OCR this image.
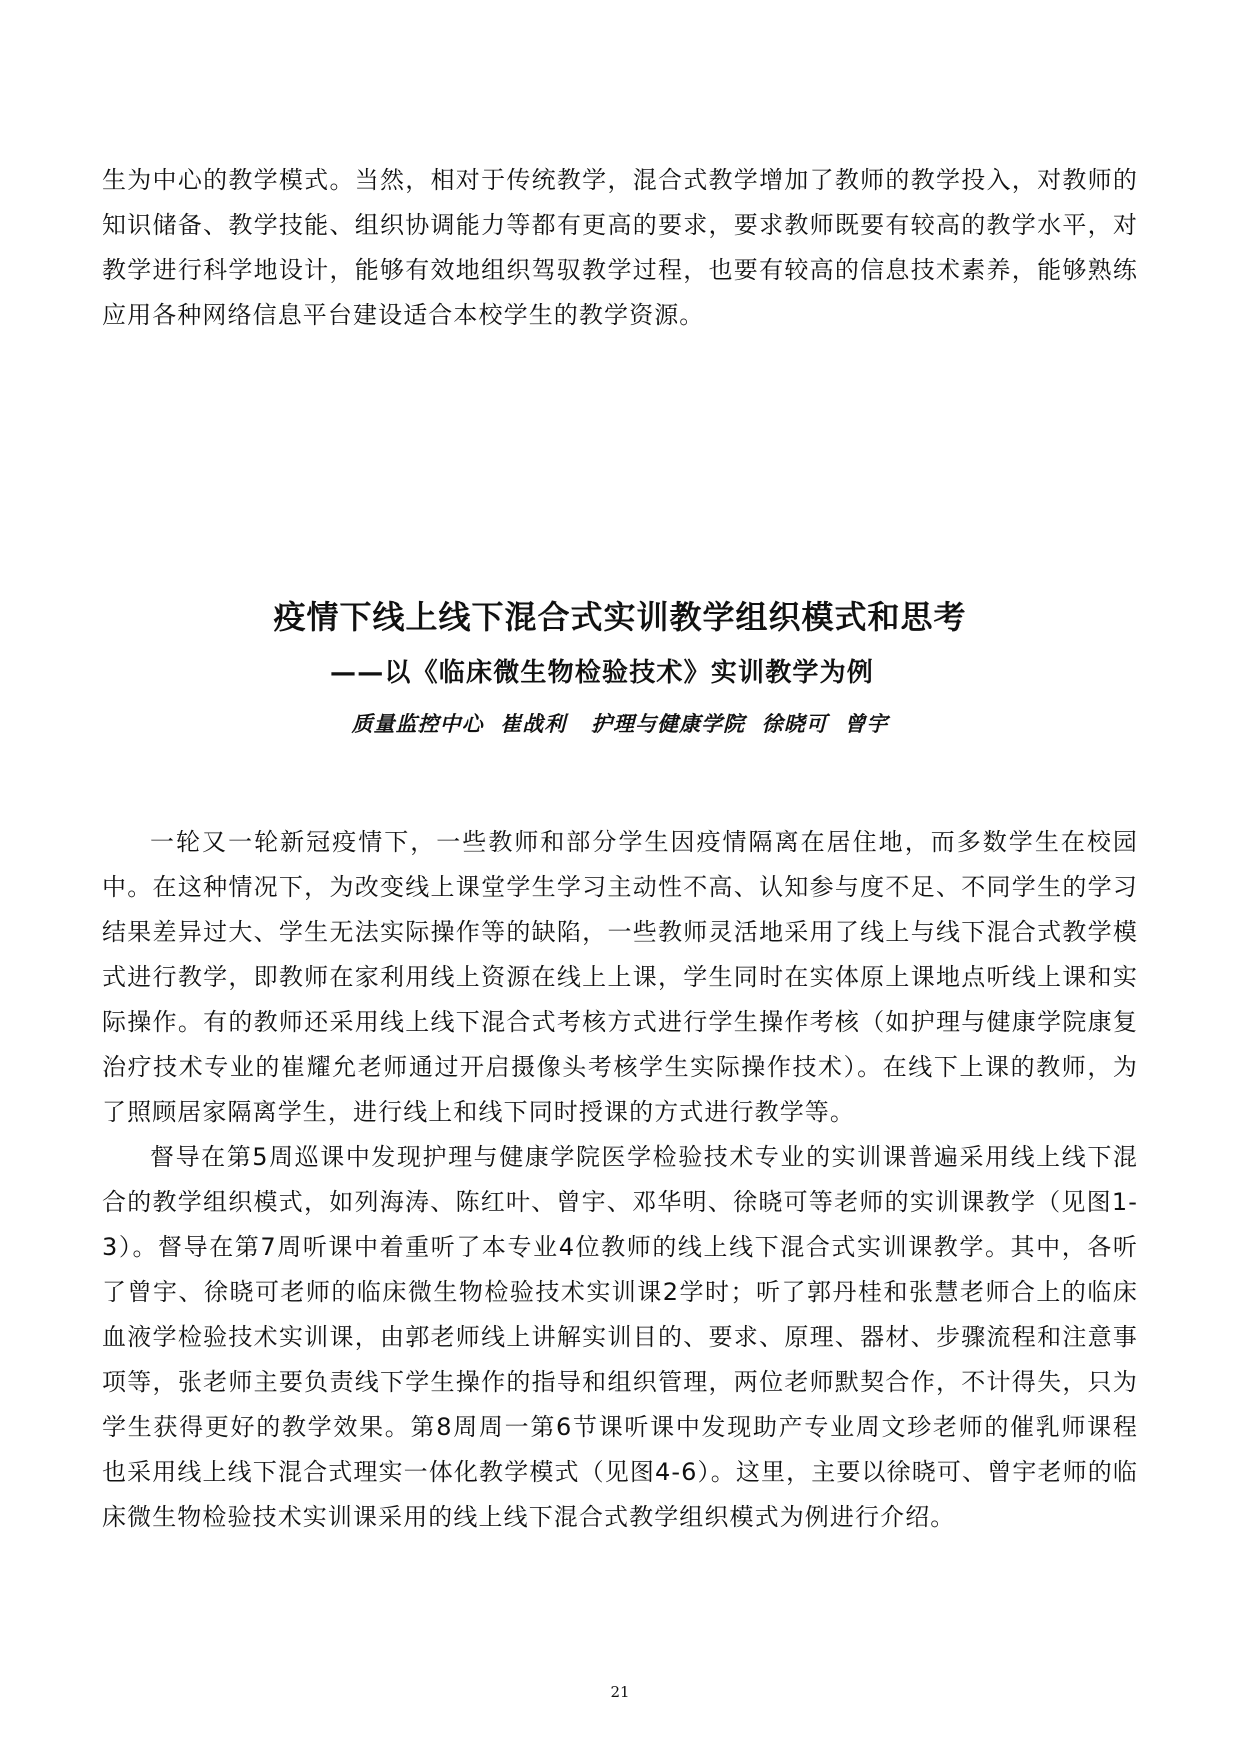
生为中心的教学模式。当然，相对于传统教学，混合式教学增加了教师的教学投入，对教师的知识储备、教学技能、组织协调能力等都有更高的要求，要求教师既要有较高的教学水平，对教学进行科学地设计，能够有效地组织驾驭教学过程，也要有较高的信息技术素养，能够熟练应用各种网络信息平台建设适合本校学生的教学资源。

疫情下线上线下混合式实训教学组织模式和思考
——以《临床微生物检验技术》实训教学为例

质量监控中心 崔战利 护理与健康学院 徐晓可 曾宇

一轮又一轮新冠疫情下，一些教师和部分学生因疫情隔离在居住地，而多数学生在校园中。在这种情况下，为改变线上课堂学生学习主动性不高、认知参与度不足、不同学生的学习结果差异过大、学生无法实际操作等的缺陷，一些教师灵活地采用了线上与线下混合式教学模式进行教学，即教师在家利用线上资源在线上上课，学生同时在实体原上课地点听线上课和实际操作。有的教师还采用线上线下混合式考核方式进行学生操作考核（如护理与健康学院康复治疗技术专业的崔耀允老师通过开启摄像头考核学生实际操作技术）。在线下上课的教师，为了照顾居家隔离学生，进行线上和线下同时授课的方式进行教学等。

督导在第5周巡课中发现护理与健康学院医学检验技术专业的实训课普遍采用线上线下混合的教学组织模式，如列海涛、陈红叶、曾宇、邓华明、徐晓可等老师的实训课教学（见图1-3）。督导在第7周听课中着重听了本专业4位教师的线上线下混合式实训课教学。其中，各听了曾宇、徐晓可老师的临床微生物检验技术实训课2学时；听了郭丹桂和张慧老师合上的临床血液学检验技术实训课，由郭老师线上讲解实训目的、要求、原理、器材、步骤流程和注意事项等，张老师主要负责线下学生操作的指导和组织管理，两位老师默契合作，不计得失，只为学生获得更好的教学效果。第8周周一第6节课听课中发现助产专业周文珍老师的催乳师课程也采用线上线下混合式理实一体化教学模式（见图4-6）。这里，主要以徐晓可、曾宇老师的临床微生物检验技术实训课采用的线上线下混合式教学组织模式为例进行介绍。

21
